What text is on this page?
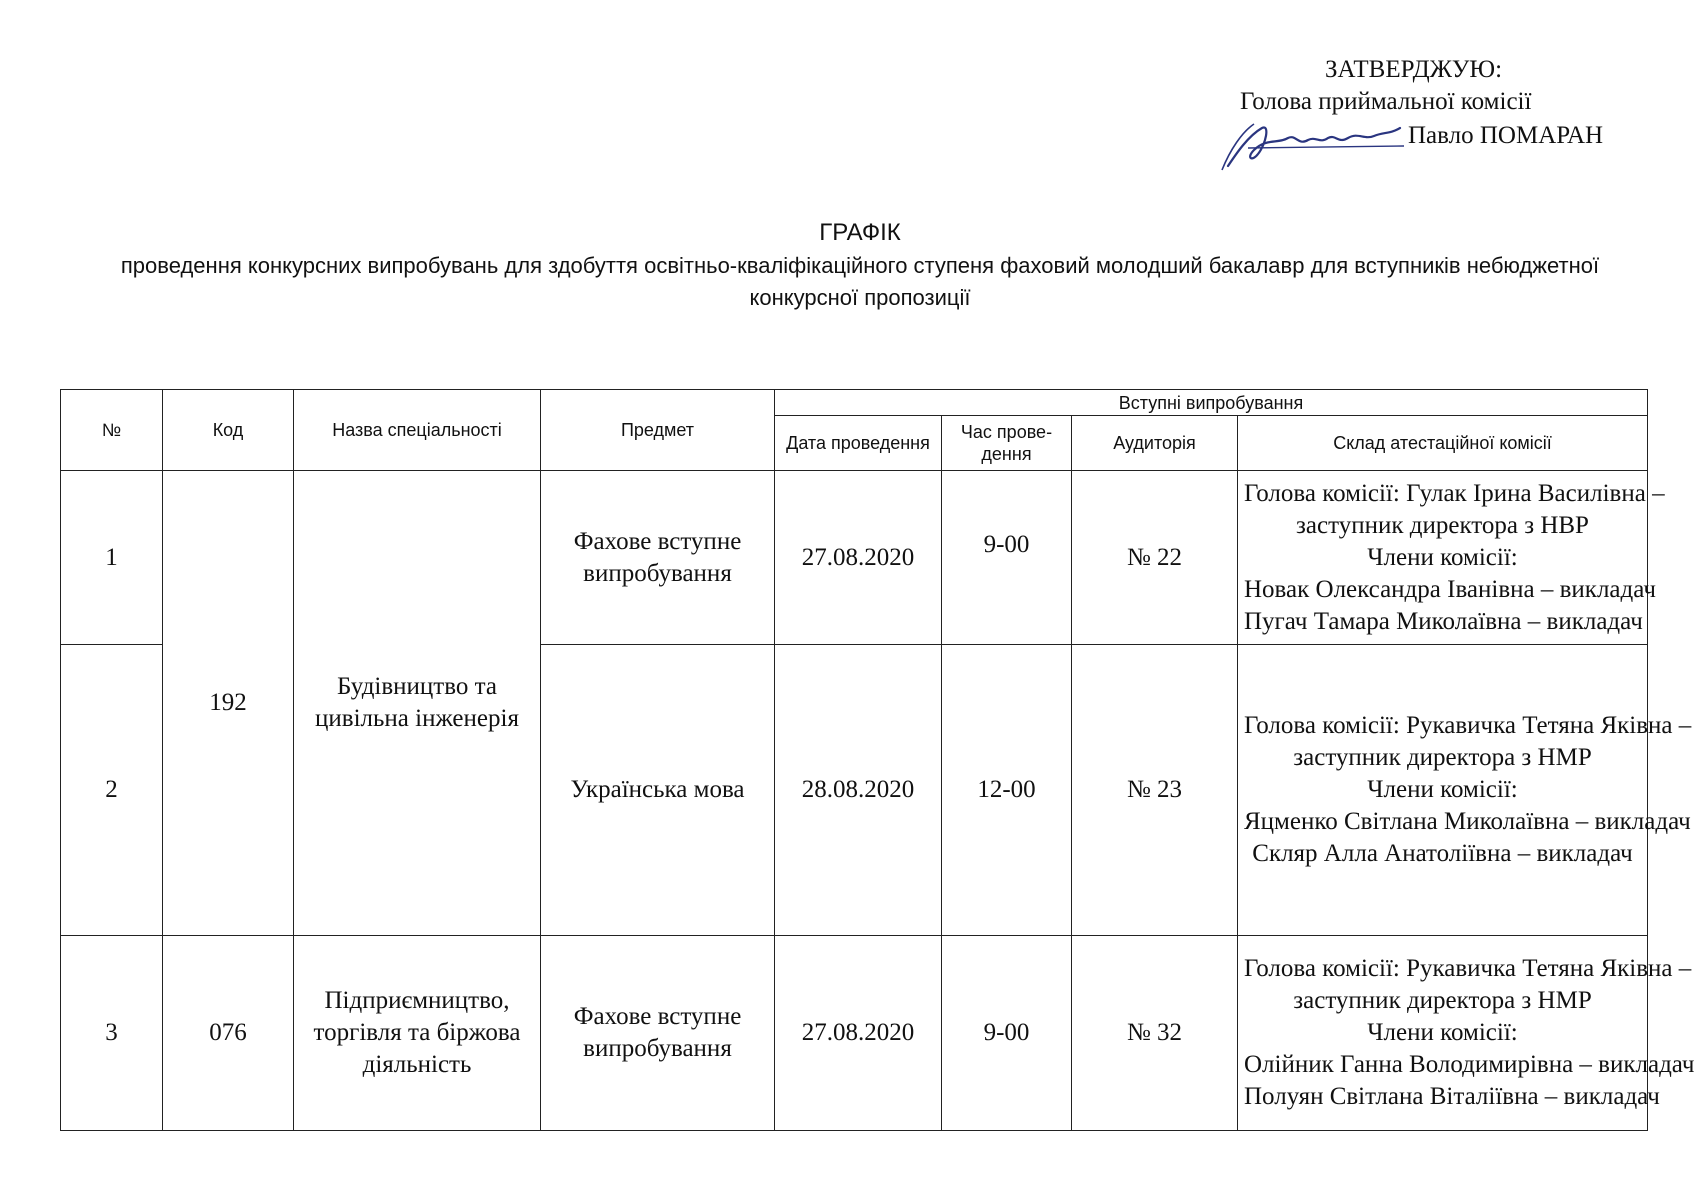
ЗАТВЕРДЖУЮ:
Голова приймальної комісії
Павло ПОМАРАН
ГРАФІК
проведення конкурсних випробувань для здобуття освітньо-кваліфікаційного ступеня фаховий молодший бакалавр для вступників небюджетної конкурсної пропозиції
№	Код	Назва спеціальності	Предмет	Вступні випробування			
				Дата проведення	Час прове-дення	Аудиторія	Склад атестаційної комісії
1	192	Будівництво та цивільна інженерія	Фахове вступне випробування	27.08.2020	9-00	№ 22	Голова комісії: Гулак Ірина Василівна –
заступник директора з НВР
Члени комісії:
Новак Олександра Іванівна – викладач
Пугач Тамара Миколаївна – викладач

2			Українська мова	28.08.2020	12-00	№ 23	Голова комісії: Рукавичка Тетяна Яківна –
заступник директора з НМР
Члени комісії:
Яцменко Світлана Миколаївна – викладач
Скляр Алла Анатоліївна – викладач

3	076	Підприємництво, торгівля та біржова діяльність	Фахове вступне випробування	27.08.2020	9-00	№ 32	Голова комісії: Рукавичка Тетяна Яківна –
заступник директора з НМР
Члени комісії:
Олійник Ганна Володимирівна – викладач
Полуян Світлана Віталіївна – викладач
